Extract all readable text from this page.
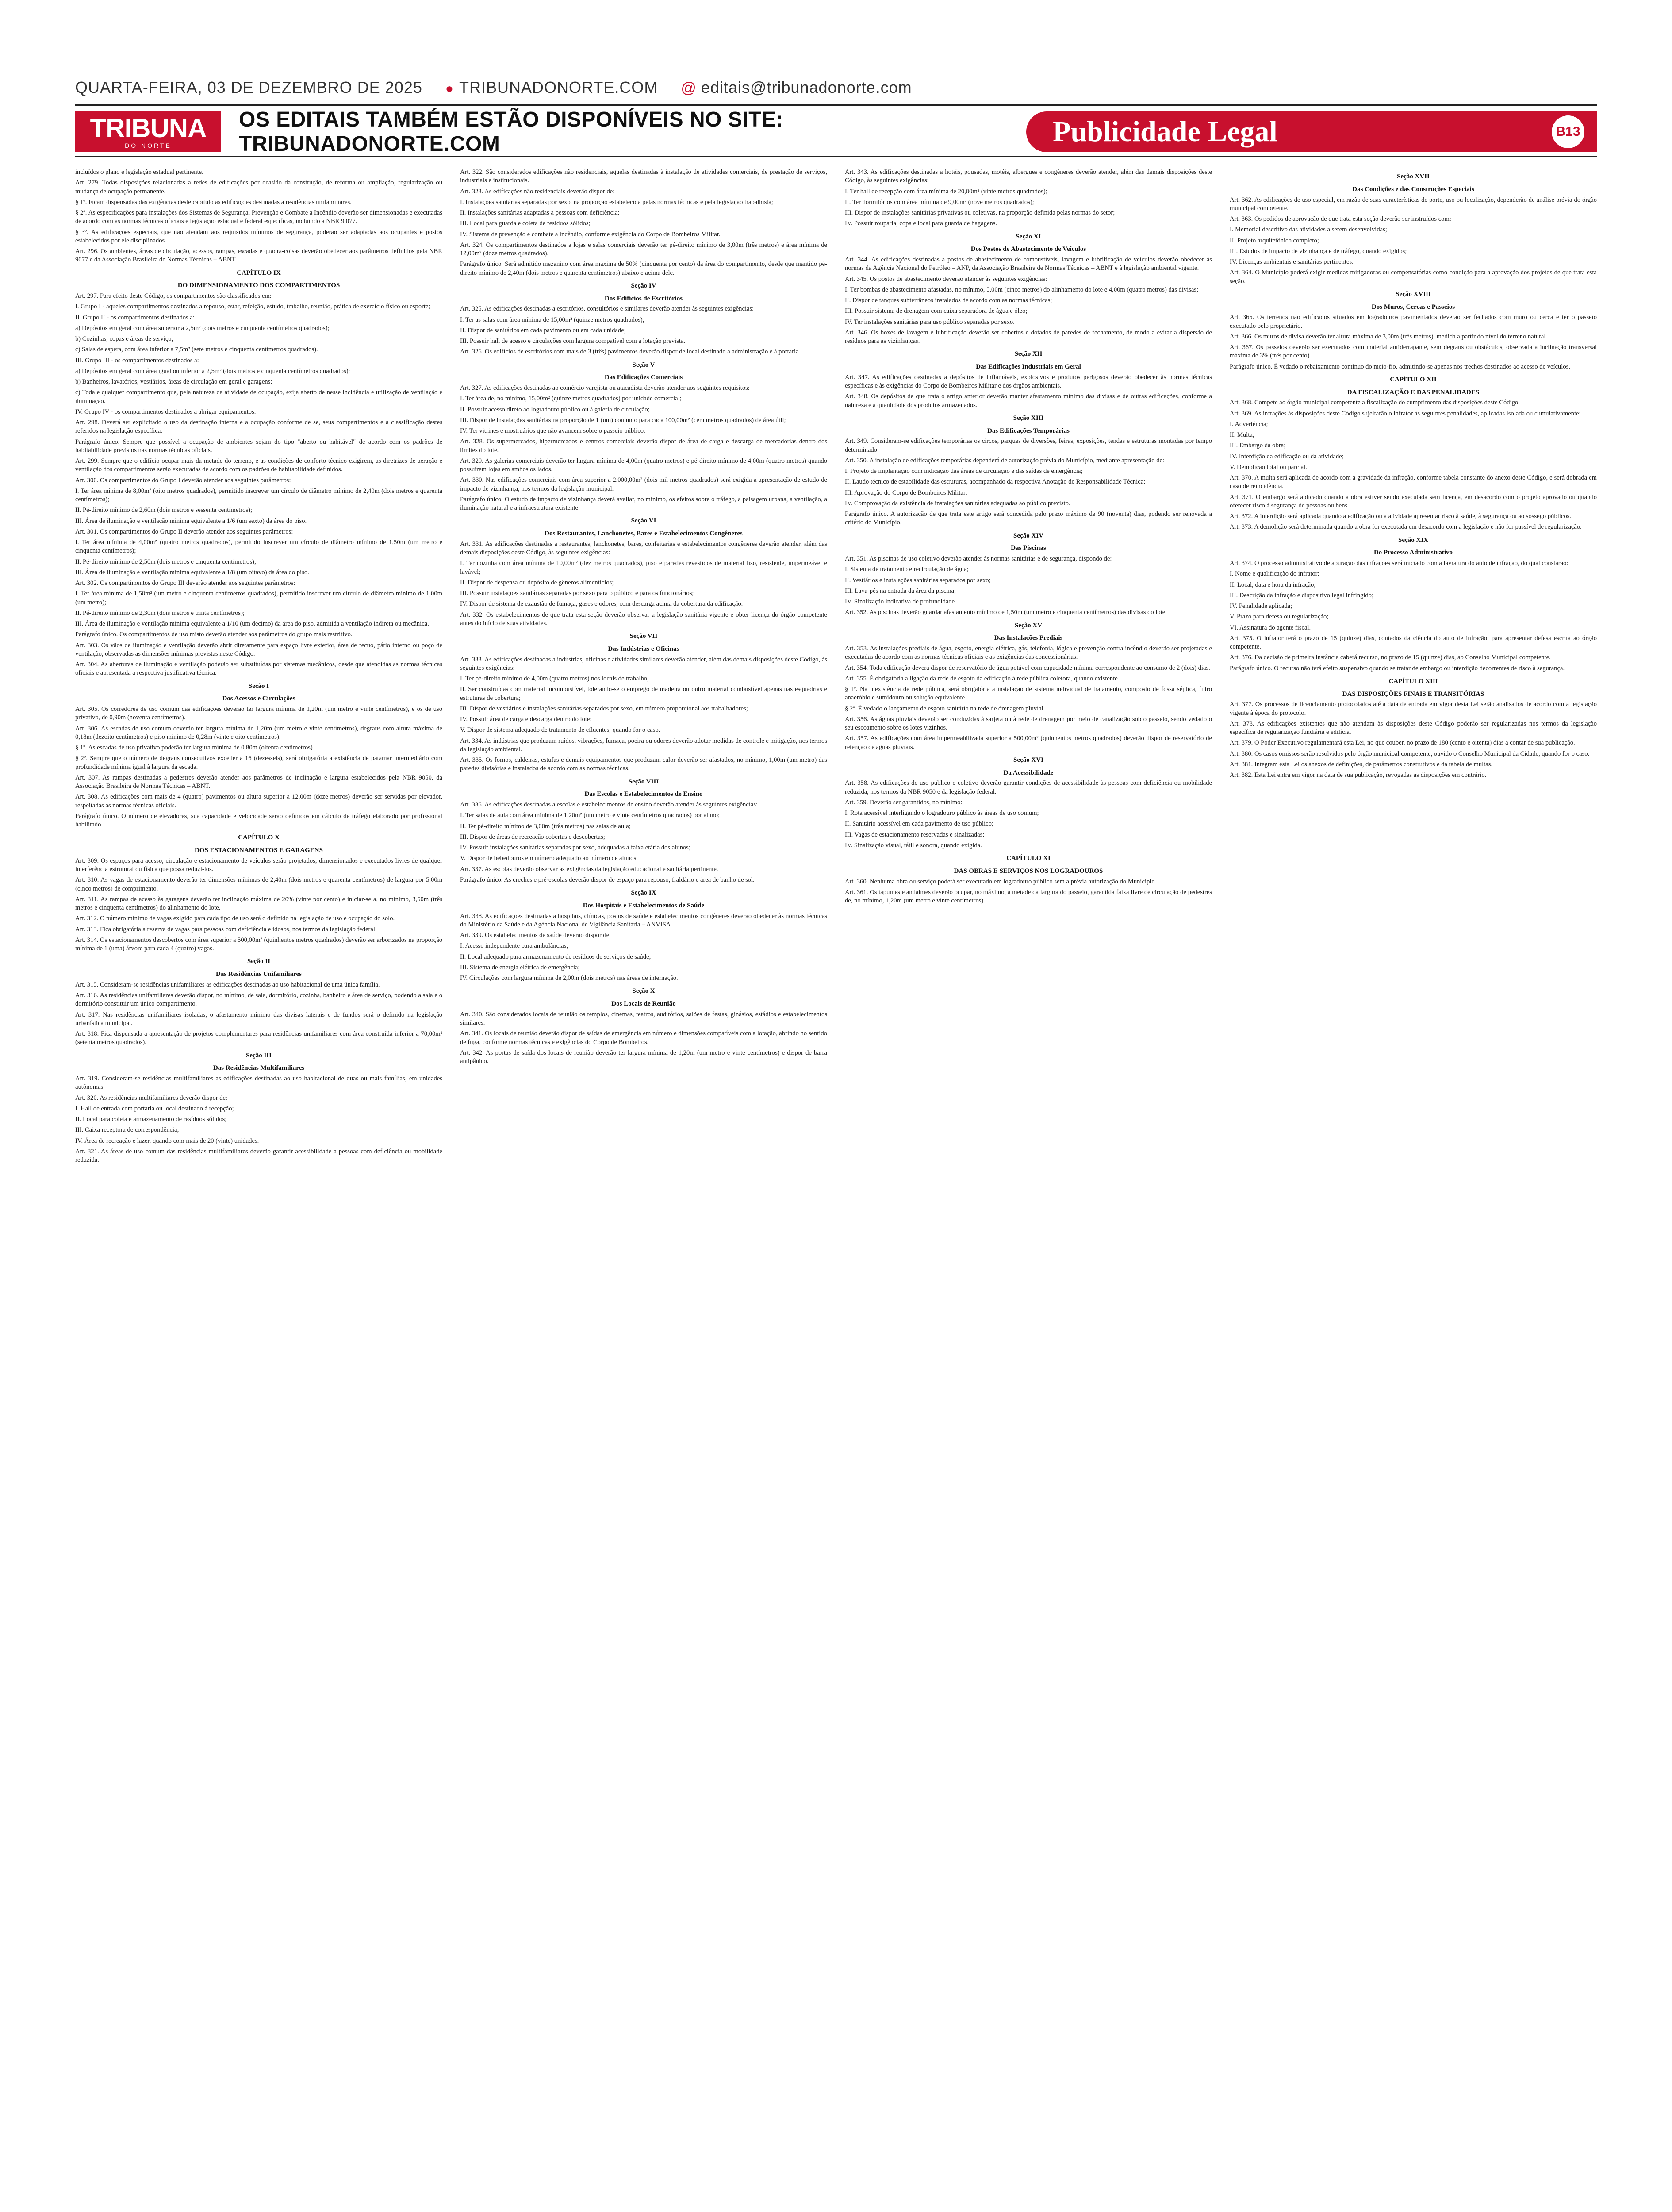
QUARTA-FEIRA, 03 DE DEZEMBRO DE 2025 ● TRIBUNADONORTE.COM @ editais@tribunadonorte.com
TRIBUNA
DO NORTE
OS EDITAIS TAMBÉM ESTÃO DISPONÍVEIS NO SITE: TRIBUNADONORTE.COM	Publicidade Legal	B13

incluídos o plano e legislação estadual pertinente.

Art. 279. Todas disposições relacionadas a redes de edificações por ocasião da construção, de reforma ou ampliação, regularização ou mudança de ocupação permanente.

§ 1º. Ficam dispensadas das exigências deste capítulo as edificações destinadas a residências unifamiliares.

§ 2º. As especificações para instalações dos Sistemas de Segurança, Prevenção e Combate a Incêndio deverão ser dimensionadas e executadas de acordo com as normas técnicas oficiais e legislação estadual e federal específicas, incluindo a NBR 9.077.

§ 3º. As edificações especiais, que não atendam aos requisitos mínimos de segurança, poderão ser adaptadas aos ocupantes e postos estabelecidos por ele disciplinados.

Art. 296. Os ambientes, áreas de circulação, acessos, rampas, escadas e quadra-coisas deverão obedecer aos parâmetros definidos pela NBR 9077 e da Associação Brasileira de Normas Técnicas – ABNT.

CAPÍTULO IX
DO DIMENSIONAMENTO DOS COMPARTIMENTOS

Art. 297. Para efeito deste Código, os compartimentos são classificados em:

I. Grupo I - aqueles compartimentos destinados a repouso, estar, refeição, estudo, trabalho, reunião, prática de exercício físico ou esporte;

II. Grupo II - os compartimentos destinados a:

a) Depósitos em geral com área superior a 2,5m² (dois metros e cinquenta centímetros quadrados);

b) Cozinhas, copas e áreas de serviço;

c) Salas de espera, com área inferior a 7,5m² (sete metros e cinquenta centímetros quadrados).

III. Grupo III - os compartimentos destinados a:

a) Depósitos em geral com área igual ou inferior a 2,5m² (dois metros e cinquenta centímetros quadrados);

b) Banheiros, lavatórios, vestiários, áreas de circulação em geral e garagens;

c) Toda e qualquer compartimento que, pela natureza da atividade de ocupação, exija aberto de nesse incidência e utilização de ventilação e iluminação.

IV. Grupo IV - os compartimentos destinados a abrigar equipamentos.

Art. 298. Deverá ser explicitado o uso da destinação interna e a ocupação conforme de se, seus compartimentos e a classificação destes referidos na legislação específica.

Parágrafo único. Sempre que possível a ocupação de ambientes sejam do tipo "aberto ou habitável" de acordo com os padrões de habitabilidade previstos nas normas técnicas oficiais.

Art. 299. Sempre que o edifício ocupar mais da metade do terreno, e as condições de conforto técnico exigirem, as diretrizes de aeração e ventilação dos compartimentos serão executadas de acordo com os padrões de habitabilidade definidos.

Art. 300. Os compartimentos do Grupo I deverão atender aos seguintes parâmetros:

I. Ter área mínima de 8,00m² (oito metros quadrados), permitido inscrever um círculo de diâmetro mínimo de 2,40m (dois metros e quarenta centímetros);

II. Pé-direito mínimo de 2,60m (dois metros e sessenta centímetros);

III. Área de iluminação e ventilação mínima equivalente a 1/6 (um sexto) da área do piso.

Art. 301. Os compartimentos do Grupo II deverão atender aos seguintes parâmetros:

I. Ter área mínima de 4,00m² (quatro metros quadrados), permitido inscrever um círculo de diâmetro mínimo de 1,50m (um metro e cinquenta centímetros);

II. Pé-direito mínimo de 2,50m (dois metros e cinquenta centímetros);

III. Área de iluminação e ventilação mínima equivalente a 1/8 (um oitavo) da área do piso.

Art. 302. Os compartimentos do Grupo III deverão atender aos seguintes parâmetros:

I. Ter área mínima de 1,50m² (um metro e cinquenta centímetros quadrados), permitido inscrever um círculo de diâmetro mínimo de 1,00m (um metro);

II. Pé-direito mínimo de 2,30m (dois metros e trinta centímetros);

III. Área de iluminação e ventilação mínima equivalente a 1/10 (um décimo) da área do piso, admitida a ventilação indireta ou mecânica.

Parágrafo único. Os compartimentos de uso misto deverão atender aos parâmetros do grupo mais restritivo.

Art. 303. Os vãos de iluminação e ventilação deverão abrir diretamente para espaço livre exterior, área de recuo, pátio interno ou poço de ventilação, observadas as dimensões mínimas previstas neste Código.

Art. 304. As aberturas de iluminação e ventilação poderão ser substituídas por sistemas mecânicos, desde que atendidas as normas técnicas oficiais e apresentada a respectiva justificativa técnica.

Seção I
Dos Acessos e Circulações

Art. 305. Os corredores de uso comum das edificações deverão ter largura mínima de 1,20m (um metro e vinte centímetros), e os de uso privativo, de 0,90m (noventa centímetros).

Art. 306. As escadas de uso comum deverão ter largura mínima de 1,20m (um metro e vinte centímetros), degraus com altura máxima de 0,18m (dezoito centímetros) e piso mínimo de 0,28m (vinte e oito centímetros).

§ 1º. As escadas de uso privativo poderão ter largura mínima de 0,80m (oitenta centímetros).

§ 2º. Sempre que o número de degraus consecutivos exceder a 16 (dezesseis), será obrigatória a existência de patamar intermediário com profundidade mínima igual à largura da escada.

Art. 307. As rampas destinadas a pedestres deverão atender aos parâmetros de inclinação e largura estabelecidos pela NBR 9050, da Associação Brasileira de Normas Técnicas – ABNT.

Art. 308. As edificações com mais de 4 (quatro) pavimentos ou altura superior a 12,00m (doze metros) deverão ser servidas por elevador, respeitadas as normas técnicas oficiais.

Parágrafo único. O número de elevadores, sua capacidade e velocidade serão definidos em cálculo de tráfego elaborado por profissional habilitado.

CAPÍTULO X
DOS ESTACIONAMENTOS E GARAGENS

Art. 309. Os espaços para acesso, circulação e estacionamento de veículos serão projetados, dimensionados e executados livres de qualquer interferência estrutural ou física que possa reduzi-los.

Art. 310. As vagas de estacionamento deverão ter dimensões mínimas de 2,40m (dois metros e quarenta centímetros) de largura por 5,00m (cinco metros) de comprimento.

Art. 311. As rampas de acesso às garagens deverão ter inclinação máxima de 20% (vinte por cento) e iniciar-se a, no mínimo, 3,50m (três metros e cinquenta centímetros) do alinhamento do lote.

Art. 312. O número mínimo de vagas exigido para cada tipo de uso será o definido na legislação de uso e ocupação do solo.

Art. 313. Fica obrigatória a reserva de vagas para pessoas com deficiência e idosos, nos termos da legislação federal.

Art. 314. Os estacionamentos descobertos com área superior a 500,00m² (quinhentos metros quadrados) deverão ser arborizados na proporção mínima de 1 (uma) árvore para cada 4 (quatro) vagas.

Seção II
Das Residências Unifamiliares

Art. 315. Consideram-se residências unifamiliares as edificações destinadas ao uso habitacional de uma única família.

Art. 316. As residências unifamiliares deverão dispor, no mínimo, de sala, dormitório, cozinha, banheiro e área de serviço, podendo a sala e o dormitório constituir um único compartimento.

Art. 317. Nas residências unifamiliares isoladas, o afastamento mínimo das divisas laterais e de fundos será o definido na legislação urbanística municipal.

Art. 318. Fica dispensada a apresentação de projetos complementares para residências unifamiliares com área construída inferior a 70,00m² (setenta metros quadrados).

Seção III
Das Residências Multifamiliares

Art. 319. Consideram-se residências multifamiliares as edificações destinadas ao uso habitacional de duas ou mais famílias, em unidades autônomas.

Art. 320. As residências multifamiliares deverão dispor de:

I. Hall de entrada com portaria ou local destinado à recepção;

II. Local para coleta e armazenamento de resíduos sólidos;

III. Caixa receptora de correspondência;

IV. Área de recreação e lazer, quando com mais de 20 (vinte) unidades.

Art. 321. As áreas de uso comum das residências multifamiliares deverão garantir acessibilidade a pessoas com deficiência ou mobilidade reduzida.

Art. 322. São considerados edificações não residenciais, aquelas destinadas à instalação de atividades comerciais, de prestação de serviços, industriais e institucionais.

Art. 323. As edificações não residenciais deverão dispor de:

I. Instalações sanitárias separadas por sexo, na proporção estabelecida pelas normas técnicas e pela legislação trabalhista;

II. Instalações sanitárias adaptadas a pessoas com deficiência;

III. Local para guarda e coleta de resíduos sólidos;

IV. Sistema de prevenção e combate a incêndio, conforme exigência do Corpo de Bombeiros Militar.

Art. 324. Os compartimentos destinados a lojas e salas comerciais deverão ter pé-direito mínimo de 3,00m (três metros) e área mínima de 12,00m² (doze metros quadrados).

Parágrafo único. Será admitido mezanino com área máxima de 50% (cinquenta por cento) da área do compartimento, desde que mantido pé-direito mínimo de 2,40m (dois metros e quarenta centímetros) abaixo e acima dele.

Seção IV
Dos Edifícios de Escritórios

Art. 325. As edificações destinadas a escritórios, consultórios e similares deverão atender às seguintes exigências:

I. Ter as salas com área mínima de 15,00m² (quinze metros quadrados);

II. Dispor de sanitários em cada pavimento ou em cada unidade;

III. Possuir hall de acesso e circulações com largura compatível com a lotação prevista.

Art. 326. Os edifícios de escritórios com mais de 3 (três) pavimentos deverão dispor de local destinado à administração e à portaria.

Seção V
Das Edificações Comerciais

Art. 327. As edificações destinadas ao comércio varejista ou atacadista deverão atender aos seguintes requisitos:

I. Ter área de, no mínimo, 15,00m² (quinze metros quadrados) por unidade comercial;

II. Possuir acesso direto ao logradouro público ou à galeria de circulação;

III. Dispor de instalações sanitárias na proporção de 1 (um) conjunto para cada 100,00m² (cem metros quadrados) de área útil;

IV. Ter vitrines e mostruários que não avancem sobre o passeio público.

Art. 328. Os supermercados, hipermercados e centros comerciais deverão dispor de área de carga e descarga de mercadorias dentro dos limites do lote.

Art. 329. As galerias comerciais deverão ter largura mínima de 4,00m (quatro metros) e pé-direito mínimo de 4,00m (quatro metros) quando possuírem lojas em ambos os lados.

Art. 330. Nas edificações comerciais com área superior a 2.000,00m² (dois mil metros quadrados) será exigida a apresentação de estudo de impacto de vizinhança, nos termos da legislação municipal.

Parágrafo único. O estudo de impacto de vizinhança deverá avaliar, no mínimo, os efeitos sobre o tráfego, a paisagem urbana, a ventilação, a iluminação natural e a infraestrutura existente.

Seção VI
Dos Restaurantes, Lanchonetes, Bares e Estabelecimentos Congêneres

Art. 331. As edificações destinadas a restaurantes, lanchonetes, bares, confeitarias e estabelecimentos congêneres deverão atender, além das demais disposições deste Código, às seguintes exigências:

I. Ter cozinha com área mínima de 10,00m² (dez metros quadrados), piso e paredes revestidos de material liso, resistente, impermeável e lavável;

II. Dispor de despensa ou depósito de gêneros alimentícios;

III. Possuir instalações sanitárias separadas por sexo para o público e para os funcionários;

IV. Dispor de sistema de exaustão de fumaça, gases e odores, com descarga acima da cobertura da edificação.

Art. 332. Os estabelecimentos de que trata esta seção deverão observar a legislação sanitária vigente e obter licença do órgão competente antes do início de suas atividades.

Seção VII
Das Indústrias e Oficinas

Art. 333. As edificações destinadas a indústrias, oficinas e atividades similares deverão atender, além das demais disposições deste Código, às seguintes exigências:

I. Ter pé-direito mínimo de 4,00m (quatro metros) nos locais de trabalho;

II. Ser construídas com material incombustível, tolerando-se o emprego de madeira ou outro material combustível apenas nas esquadrias e estruturas de cobertura;

III. Dispor de vestiários e instalações sanitárias separados por sexo, em número proporcional aos trabalhadores;

IV. Possuir área de carga e descarga dentro do lote;

V. Dispor de sistema adequado de tratamento de efluentes, quando for o caso.

Art. 334. As indústrias que produzam ruídos, vibrações, fumaça, poeira ou odores deverão adotar medidas de controle e mitigação, nos termos da legislação ambiental.

Art. 335. Os fornos, caldeiras, estufas e demais equipamentos que produzam calor deverão ser afastados, no mínimo, 1,00m (um metro) das paredes divisórias e instalados de acordo com as normas técnicas.

Seção VIII
Das Escolas e Estabelecimentos de Ensino

Art. 336. As edificações destinadas a escolas e estabelecimentos de ensino deverão atender às seguintes exigências:

I. Ter salas de aula com área mínima de 1,20m² (um metro e vinte centímetros quadrados) por aluno;

II. Ter pé-direito mínimo de 3,00m (três metros) nas salas de aula;

III. Dispor de áreas de recreação cobertas e descobertas;

IV. Possuir instalações sanitárias separadas por sexo, adequadas à faixa etária dos alunos;

V. Dispor de bebedouros em número adequado ao número de alunos.

Art. 337. As escolas deverão observar as exigências da legislação educacional e sanitária pertinente.

Parágrafo único. As creches e pré-escolas deverão dispor de espaço para repouso, fraldário e área de banho de sol.

Seção IX
Dos Hospitais e Estabelecimentos de Saúde

Art. 338. As edificações destinadas a hospitais, clínicas, postos de saúde e estabelecimentos congêneres deverão obedecer às normas técnicas do Ministério da Saúde e da Agência Nacional de Vigilância Sanitária – ANVISA.

Art. 339. Os estabelecimentos de saúde deverão dispor de:

I. Acesso independente para ambulâncias;

II. Local adequado para armazenamento de resíduos de serviços de saúde;

III. Sistema de energia elétrica de emergência;

IV. Circulações com largura mínima de 2,00m (dois metros) nas áreas de internação.

Seção X
Dos Locais de Reunião

Art. 340. São considerados locais de reunião os templos, cinemas, teatros, auditórios, salões de festas, ginásios, estádios e estabelecimentos similares.

Art. 341. Os locais de reunião deverão dispor de saídas de emergência em número e dimensões compatíveis com a lotação, abrindo no sentido de fuga, conforme normas técnicas e exigências do Corpo de Bombeiros.

Art. 342. As portas de saída dos locais de reunião deverão ter largura mínima de 1,20m (um metro e vinte centímetros) e dispor de barra antipânico.

Art. 343. As edificações destinadas a hotéis, pousadas, motéis, albergues e congêneres deverão atender, além das demais disposições deste Código, às seguintes exigências:

I. Ter hall de recepção com área mínima de 20,00m² (vinte metros quadrados);

II. Ter dormitórios com área mínima de 9,00m² (nove metros quadrados);

III. Dispor de instalações sanitárias privativas ou coletivas, na proporção definida pelas normas do setor;

IV. Possuir rouparia, copa e local para guarda de bagagens.

Seção XI
Dos Postos de Abastecimento de Veículos

Art. 344. As edificações destinadas a postos de abastecimento de combustíveis, lavagem e lubrificação de veículos deverão obedecer às normas da Agência Nacional do Petróleo – ANP, da Associação Brasileira de Normas Técnicas – ABNT e à legislação ambiental vigente.

Art. 345. Os postos de abastecimento deverão atender às seguintes exigências:

I. Ter bombas de abastecimento afastadas, no mínimo, 5,00m (cinco metros) do alinhamento do lote e 4,00m (quatro metros) das divisas;

II. Dispor de tanques subterrâneos instalados de acordo com as normas técnicas;

III. Possuir sistema de drenagem com caixa separadora de água e óleo;

IV. Ter instalações sanitárias para uso público separadas por sexo.

Art. 346. Os boxes de lavagem e lubrificação deverão ser cobertos e dotados de paredes de fechamento, de modo a evitar a dispersão de resíduos para as vizinhanças.

Seção XII
Das Edificações Industriais em Geral

Art. 347. As edificações destinadas a depósitos de inflamáveis, explosivos e produtos perigosos deverão obedecer às normas técnicas específicas e às exigências do Corpo de Bombeiros Militar e dos órgãos ambientais.

Art. 348. Os depósitos de que trata o artigo anterior deverão manter afastamento mínimo das divisas e de outras edificações, conforme a natureza e a quantidade dos produtos armazenados.

Seção XIII
Das Edificações Temporárias

Art. 349. Consideram-se edificações temporárias os circos, parques de diversões, feiras, exposições, tendas e estruturas montadas por tempo determinado.

Art. 350. A instalação de edificações temporárias dependerá de autorização prévia do Município, mediante apresentação de:

I. Projeto de implantação com indicação das áreas de circulação e das saídas de emergência;

II. Laudo técnico de estabilidade das estruturas, acompanhado da respectiva Anotação de Responsabilidade Técnica;

III. Aprovação do Corpo de Bombeiros Militar;

IV. Comprovação da existência de instalações sanitárias adequadas ao público previsto.

Parágrafo único. A autorização de que trata este artigo será concedida pelo prazo máximo de 90 (noventa) dias, podendo ser renovada a critério do Município.

Seção XIV
Das Piscinas

Art. 351. As piscinas de uso coletivo deverão atender às normas sanitárias e de segurança, dispondo de:

I. Sistema de tratamento e recirculação de água;

II. Vestiários e instalações sanitárias separados por sexo;

III. Lava-pés na entrada da área da piscina;

IV. Sinalização indicativa de profundidade.

Art. 352. As piscinas deverão guardar afastamento mínimo de 1,50m (um metro e cinquenta centímetros) das divisas do lote.

Seção XV
Das Instalações Prediais

Art. 353. As instalações prediais de água, esgoto, energia elétrica, gás, telefonia, lógica e prevenção contra incêndio deverão ser projetadas e executadas de acordo com as normas técnicas oficiais e as exigências das concessionárias.

Art. 354. Toda edificação deverá dispor de reservatório de água potável com capacidade mínima correspondente ao consumo de 2 (dois) dias.

Art. 355. É obrigatória a ligação da rede de esgoto da edificação à rede pública coletora, quando existente.

§ 1º. Na inexistência de rede pública, será obrigatória a instalação de sistema individual de tratamento, composto de fossa séptica, filtro anaeróbio e sumidouro ou solução equivalente.

§ 2º. É vedado o lançamento de esgoto sanitário na rede de drenagem pluvial.

Art. 356. As águas pluviais deverão ser conduzidas à sarjeta ou à rede de drenagem por meio de canalização sob o passeio, sendo vedado o seu escoamento sobre os lotes vizinhos.

Art. 357. As edificações com área impermeabilizada superior a 500,00m² (quinhentos metros quadrados) deverão dispor de reservatório de retenção de águas pluviais.

Seção XVI
Da Acessibilidade

Art. 358. As edificações de uso público e coletivo deverão garantir condições de acessibilidade às pessoas com deficiência ou mobilidade reduzida, nos termos da NBR 9050 e da legislação federal.

Art. 359. Deverão ser garantidos, no mínimo:

I. Rota acessível interligando o logradouro público às áreas de uso comum;

II. Sanitário acessível em cada pavimento de uso público;

III. Vagas de estacionamento reservadas e sinalizadas;

IV. Sinalização visual, tátil e sonora, quando exigida.

CAPÍTULO XI
DAS OBRAS E SERVIÇOS NOS LOGRADOUROS

Art. 360. Nenhuma obra ou serviço poderá ser executado em logradouro público sem a prévia autorização do Município.

Art. 361. Os tapumes e andaimes deverão ocupar, no máximo, a metade da largura do passeio, garantida faixa livre de circulação de pedestres de, no mínimo, 1,20m (um metro e vinte centímetros).

Seção XVII
Das Condições e das Construções Especiais

Art. 362. As edificações de uso especial, em razão de suas características de porte, uso ou localização, dependerão de análise prévia do órgão municipal competente.

Art. 363. Os pedidos de aprovação de que trata esta seção deverão ser instruídos com:

I. Memorial descritivo das atividades a serem desenvolvidas;

II. Projeto arquitetônico completo;

III. Estudos de impacto de vizinhança e de tráfego, quando exigidos;

IV. Licenças ambientais e sanitárias pertinentes.

Art. 364. O Município poderá exigir medidas mitigadoras ou compensatórias como condição para a aprovação dos projetos de que trata esta seção.

Seção XVIII
Dos Muros, Cercas e Passeios

Art. 365. Os terrenos não edificados situados em logradouros pavimentados deverão ser fechados com muro ou cerca e ter o passeio executado pelo proprietário.

Art. 366. Os muros de divisa deverão ter altura máxima de 3,00m (três metros), medida a partir do nível do terreno natural.

Art. 367. Os passeios deverão ser executados com material antiderrapante, sem degraus ou obstáculos, observada a inclinação transversal máxima de 3% (três por cento).

Parágrafo único. É vedado o rebaixamento contínuo do meio-fio, admitindo-se apenas nos trechos destinados ao acesso de veículos.

CAPÍTULO XII
DA FISCALIZAÇÃO E DAS PENALIDADES

Art. 368. Compete ao órgão municipal competente a fiscalização do cumprimento das disposições deste Código.

Art. 369. As infrações às disposições deste Código sujeitarão o infrator às seguintes penalidades, aplicadas isolada ou cumulativamente:

I. Advertência;

II. Multa;

III. Embargo da obra;

IV. Interdição da edificação ou da atividade;

V. Demolição total ou parcial.

Art. 370. A multa será aplicada de acordo com a gravidade da infração, conforme tabela constante do anexo deste Código, e será dobrada em caso de reincidência.

Art. 371. O embargo será aplicado quando a obra estiver sendo executada sem licença, em desacordo com o projeto aprovado ou quando oferecer risco à segurança de pessoas ou bens.

Art. 372. A interdição será aplicada quando a edificação ou a atividade apresentar risco à saúde, à segurança ou ao sossego públicos.

Art. 373. A demolição será determinada quando a obra for executada em desacordo com a legislação e não for passível de regularização.

Seção XIX
Do Processo Administrativo

Art. 374. O processo administrativo de apuração das infrações será iniciado com a lavratura do auto de infração, do qual constarão:

I. Nome e qualificação do infrator;

II. Local, data e hora da infração;

III. Descrição da infração e dispositivo legal infringido;

IV. Penalidade aplicada;

V. Prazo para defesa ou regularização;

VI. Assinatura do agente fiscal.

Art. 375. O infrator terá o prazo de 15 (quinze) dias, contados da ciência do auto de infração, para apresentar defesa escrita ao órgão competente.

Art. 376. Da decisão de primeira instância caberá recurso, no prazo de 15 (quinze) dias, ao Conselho Municipal competente.

Parágrafo único. O recurso não terá efeito suspensivo quando se tratar de embargo ou interdição decorrentes de risco à segurança.

CAPÍTULO XIII
DAS DISPOSIÇÕES FINAIS E TRANSITÓRIAS

Art. 377. Os processos de licenciamento protocolados até a data de entrada em vigor desta Lei serão analisados de acordo com a legislação vigente à época do protocolo.

Art. 378. As edificações existentes que não atendam às disposições deste Código poderão ser regularizadas nos termos da legislação específica de regularização fundiária e edilícia.

Art. 379. O Poder Executivo regulamentará esta Lei, no que couber, no prazo de 180 (cento e oitenta) dias a contar de sua publicação.

Art. 380. Os casos omissos serão resolvidos pelo órgão municipal competente, ouvido o Conselho Municipal da Cidade, quando for o caso.

Art. 381. Integram esta Lei os anexos de definições, de parâmetros construtivos e da tabela de multas.

Art. 382. Esta Lei entra em vigor na data de sua publicação, revogadas as disposições em contrário.
